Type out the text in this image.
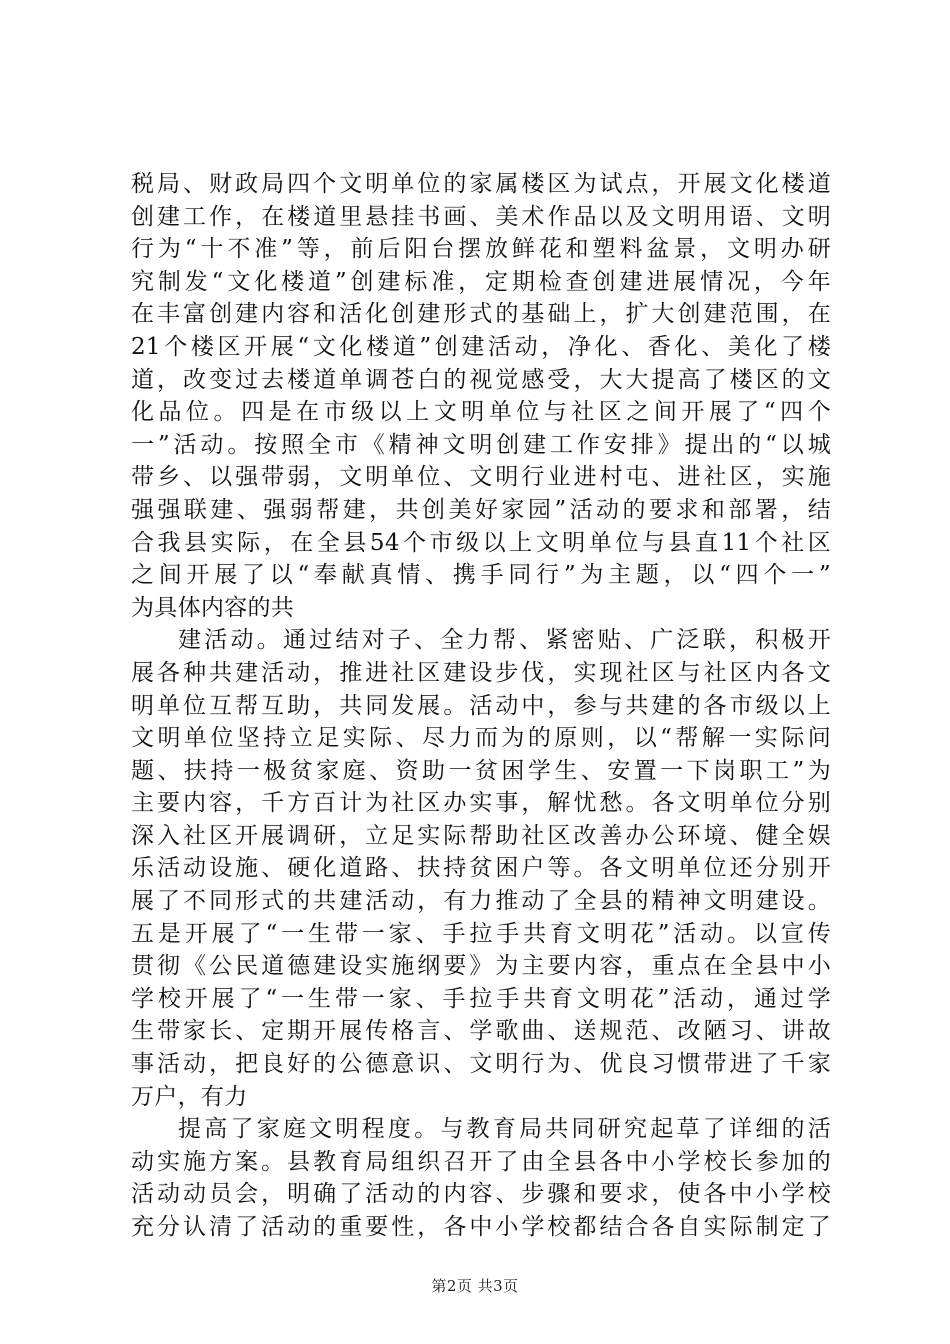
税局、财政局四个文明单位的家属楼区为试点，开展文化楼道
创建工作，在楼道里悬挂书画、美术作品以及文明用语、文明
行为“十不准”等，前后阳台摆放鲜花和塑料盆景，文明办研
究制发“文化楼道”创建标准，定期检查创建进展情况，今年
在丰富创建内容和活化创建形式的基础上，扩大创建范围，在
21个楼区开展“文化楼道”创建活动，净化、香化、美化了楼
道，改变过去楼道单调苍白的视觉感受，大大提高了楼区的文
化品位。四是在市级以上文明单位与社区之间开展了“四个
一”活动。按照全市《精神文明创建工作安排》提出的“以城
带乡、以强带弱，文明单位、文明行业进村屯、进社区，实施
强强联建、强弱帮建，共创美好家园”活动的要求和部署，结
合我县实际，在全县54个市级以上文明单位与县直11个社区
之间开展了以“奉献真情、携手同行”为主题，以“四个一”
为具体内容的共
建活动。通过结对子、全力帮、紧密贴、广泛联，积极开
展各种共建活动，推进社区建设步伐，实现社区与社区内各文
明单位互帮互助，共同发展。活动中，参与共建的各市级以上
文明单位坚持立足实际、尽力而为的原则，以“帮解一实际问
题、扶持一极贫家庭、资助一贫困学生、安置一下岗职工”为
主要内容，千方百计为社区办实事，解忧愁。各文明单位分别
深入社区开展调研，立足实际帮助社区改善办公环境、健全娱
乐活动设施、硬化道路、扶持贫困户等。各文明单位还分别开
展了不同形式的共建活动，有力推动了全县的精神文明建设。
五是开展了“一生带一家、手拉手共育文明花”活动。以宣传
贯彻《公民道德建设实施纲要》为主要内容，重点在全县中小
学校开展了“一生带一家、手拉手共育文明花”活动，通过学
生带家长、定期开展传格言、学歌曲、送规范、改陋习、讲故
事活动，把良好的公德意识、文明行为、优良习惯带进了千家
万户，有力
提高了家庭文明程度。与教育局共同研究起草了详细的活
动实施方案。县教育局组织召开了由全县各中小学校长参加的
活动动员会，明确了活动的内容、步骤和要求，使各中小学校
充分认清了活动的重要性，各中小学校都结合各自实际制定了
第2页 共3页
